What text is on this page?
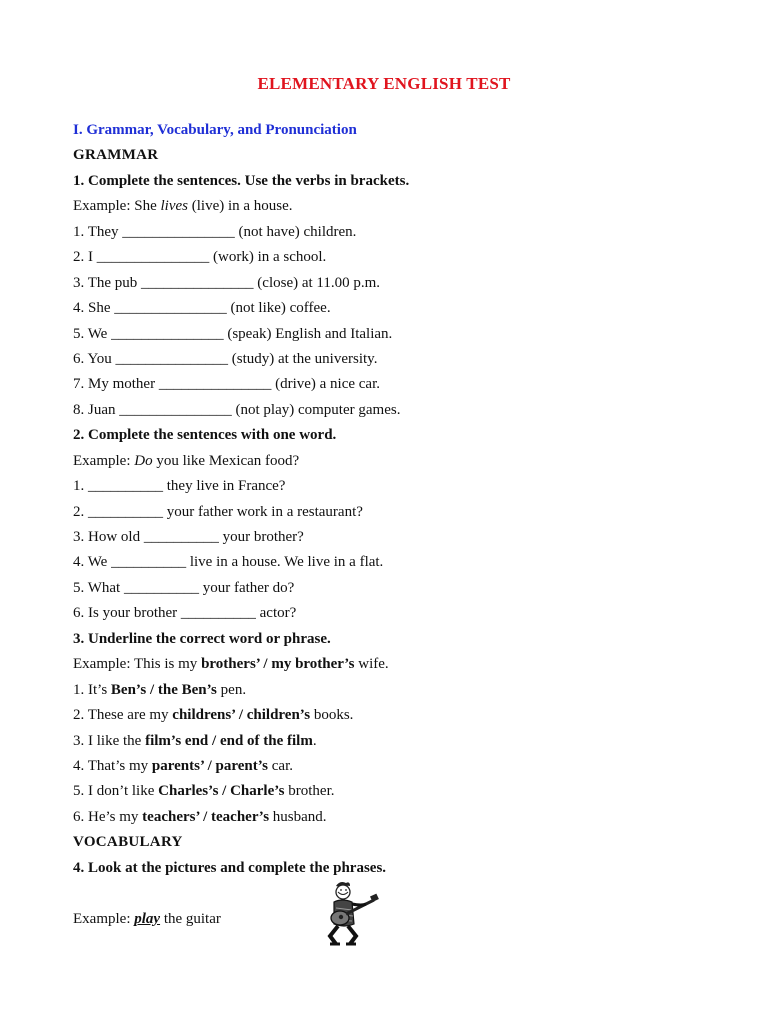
ELEMENTARY ENGLISH TEST
I. Grammar, Vocabulary, and Pronunciation
GRAMMAR
1. Complete the sentences. Use the verbs in brackets.
Example: She lives (live) in a house.
1. They _______________ (not have) children.
2. I _______________ (work) in a school.
3. The pub _______________ (close) at 11.00 p.m.
4. She _______________ (not like) coffee.
5. We _______________ (speak) English and Italian.
6. You _______________ (study) at the university.
7. My mother _______________ (drive) a nice car.
8. Juan _______________ (not play) computer games.
2. Complete the sentences with one word.
Example: Do you like Mexican food?
1. __________ they live in France?
2. __________ your father work in a restaurant?
3. How old __________ your brother?
4. We __________ live in a house. We live in a flat.
5. What __________ your father do?
6. Is your brother __________ actor?
3. Underline the correct word or phrase.
Example: This is my brothers’ / my brother’s wife.
1. It’s Ben’s / the Ben’s pen.
2. These are my childrens’ / children’s books.
3. I like the film’s end / end of the film.
4. That’s my parents’ / parent’s car.
5. I don’t like Charles’s / Charle’s brother.
6. He’s my teachers’ / teacher’s husband.
VOCABULARY
4. Look at the pictures and complete the phrases.
Example: play the guitar
